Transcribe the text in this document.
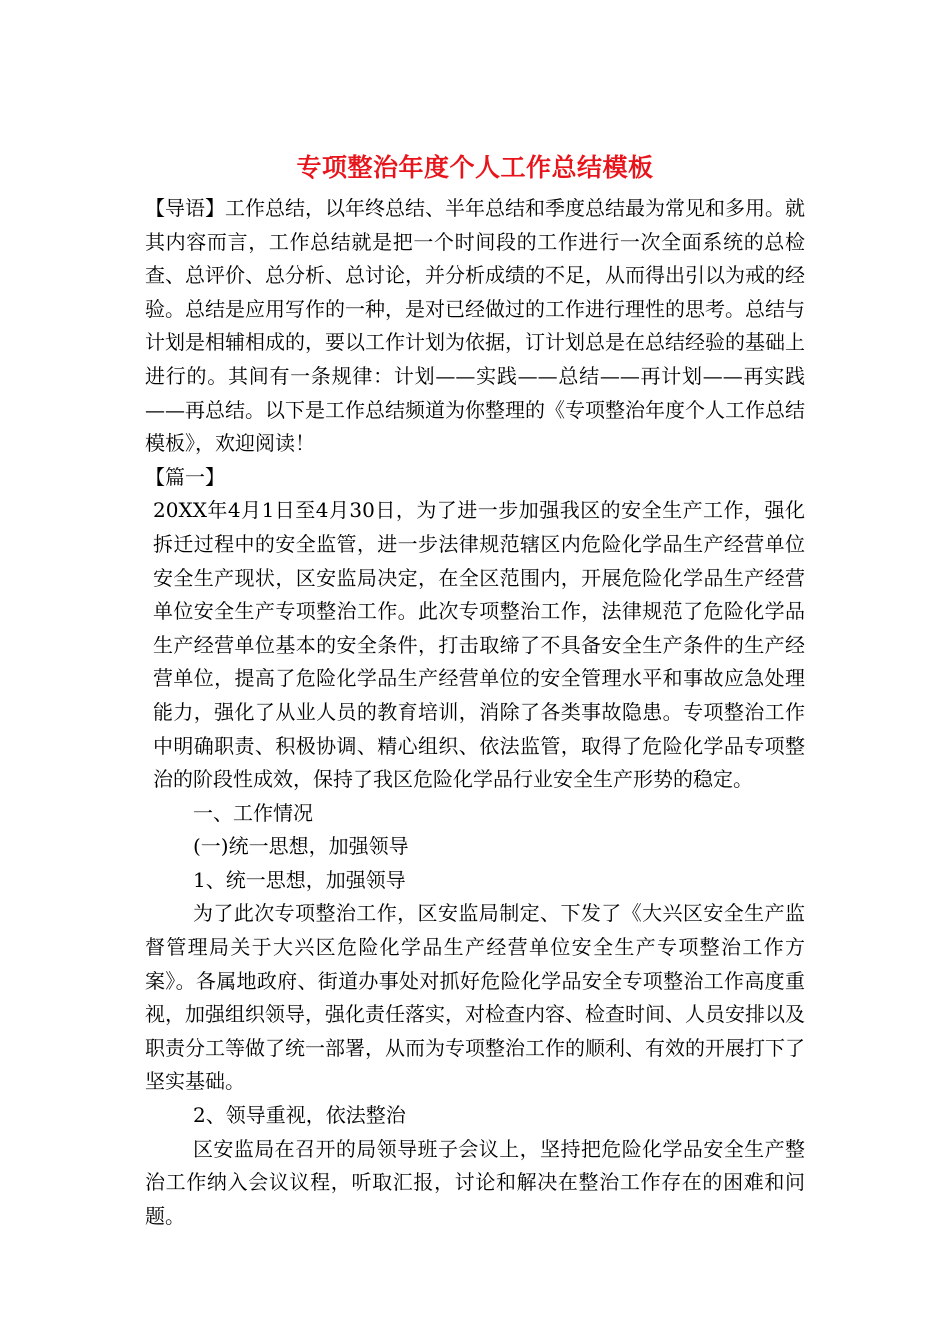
专项整治年度个人工作总结模板

【导语】工作总结，以年终总结、半年总结和季度总结最为常见和多用。就其内容而言，工作总结就是把一个时间段的工作进行一次全面系统的总检查、总评价、总分析、总讨论，并分析成绩的不足，从而得出引以为戒的经验。总结是应用写作的一种，是对已经做过的工作进行理性的思考。总结与计划是相辅相成的，要以工作计划为依据，订计划总是在总结经验的基础上进行的。其间有一条规律：计划——实践——总结——再计划——再实践——再总结。以下是工作总结频道为你整理的《专项整治年度个人工作总结模板》，欢迎阅读！

【篇一】

20XX年4月1日至4月30日，为了进一步加强我区的安全生产工作，强化拆迁过程中的安全监管，进一步法律规范辖区内危险化学品生产经营单位安全生产现状，区安监局决定，在全区范围内，开展危险化学品生产经营单位安全生产专项整治工作。此次专项整治工作，法律规范了危险化学品生产经营单位基本的安全条件，打击取缔了不具备安全生产条件的生产经营单位，提高了危险化学品生产经营单位的安全管理水平和事故应急处理能力，强化了从业人员的教育培训，消除了各类事故隐患。专项整治工作中明确职责、积极协调、精心组织、依法监管，取得了危险化学品专项整治的阶段性成效，保持了我区危险化学品行业安全生产形势的稳定。

一、工作情况

(一)统一思想，加强领导

1、统一思想，加强领导

为了此次专项整治工作，区安监局制定、下发了《大兴区安全生产监督管理局关于大兴区危险化学品生产经营单位安全生产专项整治工作方案》。各属地政府、街道办事处对抓好危险化学品安全专项整治工作高度重视，加强组织领导，强化责任落实，对检查内容、检查时间、人员安排以及职责分工等做了统一部署，从而为专项整治工作的顺利、有效的开展打下了坚实基础。

2、领导重视，依法整治

区安监局在召开的局领导班子会议上，坚持把危险化学品安全生产整治工作纳入会议议程，听取汇报，讨论和解决在整治工作存在的困难和问题。
